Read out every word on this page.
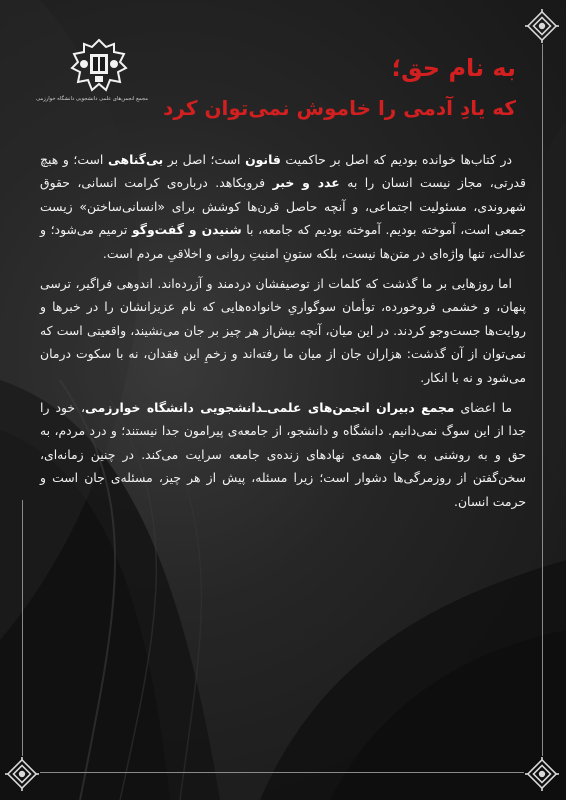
مجمع انجمن‌های علمی دانشجویی دانشگاه خوارزمی
به نام حق؛
که یادِ آدمی را خاموش نمی‌توان کرد

در کتاب‌ها خوانده بودیم که اصل بر حاکمیت قانون است؛ اصل بر بی‌گناهی است؛ و هیچ قدرتی، مجاز نیست انسان را به عدد و خبر فروبکاهد. درباره‌ی کرامت انسانی، حقوق شهروندی، مسئولیت اجتماعی، و آنچه حاصل قرن‌ها کوشش برای «انسانی‌ساختن» زیست جمعی است، آموخته بودیم. آموخته بودیم که جامعه، با شنیدن و گفت‌وگو ترمیم می‌شود؛ و عدالت، تنها واژه‌ای در متن‌ها نیست، بلکه ستونِ امنیتِ روانی و اخلاقیِ مردم است.

اما روزهایی بر ما گذشت که کلمات از توصیفشان دردمند و آزرده‌اند. اندوهی فراگیر، ترسی پنهان، و خشمی فروخورده، توأمان سوگواریِ خانواده‌هایی که نام عزیزانشان را در خبرها و روایت‌ها جست‌وجو کردند. در این میان، آنچه بیش‌از هر چیز بر جان می‌نشیند، واقعیتی است که نمی‌توان از آن گذشت: هزاران جان از میان ما رفته‌اند و زخمِ این فقدان، نه با سکوت درمان می‌شود و نه با انکار.

ما اعضای مجمع دبیران انجمن‌های علمی‌ـدانشجویی دانشگاه خوارزمی، خود را جدا از این سوگ نمی‌دانیم. دانشگاه و دانشجو، از جامعه‌ی پیرامون جدا نیستند؛ و درد مردم، به حق و به روشنی به جانِ همه‌ی نهادهای زنده‌ی جامعه سرایت می‌کند. در چنین زمانه‌ای، سخن‌گفتن از روزمرگی‌ها دشوار است؛ زیرا مسئله، پیش از هر چیز، مسئله‌ی جان است و حرمت انسان.
